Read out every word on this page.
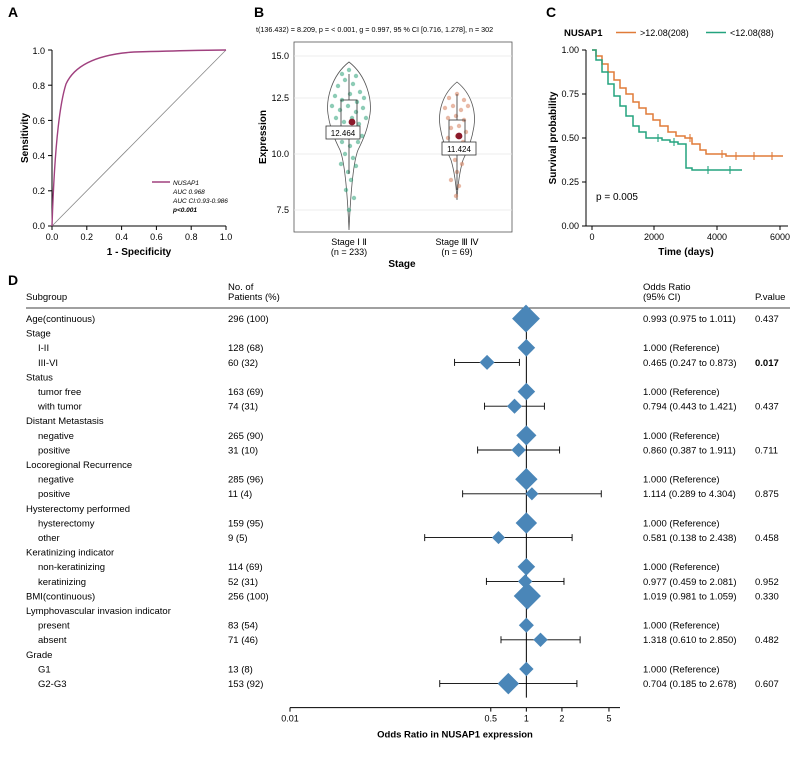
A
0.0 0.2 0.4 0.6 0.8 1.0
0.0
0.2
0.4
0.6
0.8
1.0
1 - Specificity
Sensitivity
NUSAP1
AUC 0.968
AUC CI:0.93-0.986
p<0.001
B
t(136.432) = 8.209, p = < 0.001, g = 0.997, 95 % CI [0.716, 1.278], n = 302
7.5
10.0
12.5
15.0
Expression	12.464
11.424
Stage Ⅰ Ⅱ
(n = 233)
Stage Ⅲ Ⅳ
(n = 69)
Stage
C
NUSAP1	>12.08(208)	<12.08(88)
p = 0.005
0	2000	4000	6000
0.00
0.25
0.50
0.75
1.00
Time (days)
Survival probability
D
Subgroup
No. of
Patients (%)
Odds Ratio
(95% CI)	P.value
Age(continuous)	296 (100)	0.993 (0.975 to 1.011) 0.437
Stage
I-II	128 (68)	1.000 (Reference)
III-VI	60 (32)	0.465 (0.247 to 0.873) 0.017
Status
tumor free	163 (69)	1.000 (Reference)
with tumor	74 (31)	0.794 (0.443 to 1.421) 0.437
Distant Metastasis
negative	265 (90)	1.000 (Reference)
positive	31 (10)	0.860 (0.387 to 1.911) 0.711
Locoregional Recurrence
negative	285 (96)	1.000 (Reference)
positive	11 (4)	1.114 (0.289 to 4.304) 0.875
Hysterectomy performed
hysterectomy	159 (95)	1.000 (Reference)
other	9 (5)	0.581 (0.138 to 2.438) 0.458
Keratinizing indicator
non-keratinizing	114 (69)	1.000 (Reference)
keratinizing	52 (31)	0.977 (0.459 to 2.081) 0.952
BMI(continuous)	256 (100)	1.019 (0.981 to 1.059) 0.330
Lymphovascular invasion indicator
present	83 (54)	1.000 (Reference)
absent	71 (46)	1.318 (0.610 to 2.850) 0.482
Grade
G1	13 (8)	1.000 (Reference)
G2-G3	153 (92)	0.704 (0.185 to 2.678) 0.607
0.01	0.5	1	2	5
Odds Ratio in NUSAP1 expression
